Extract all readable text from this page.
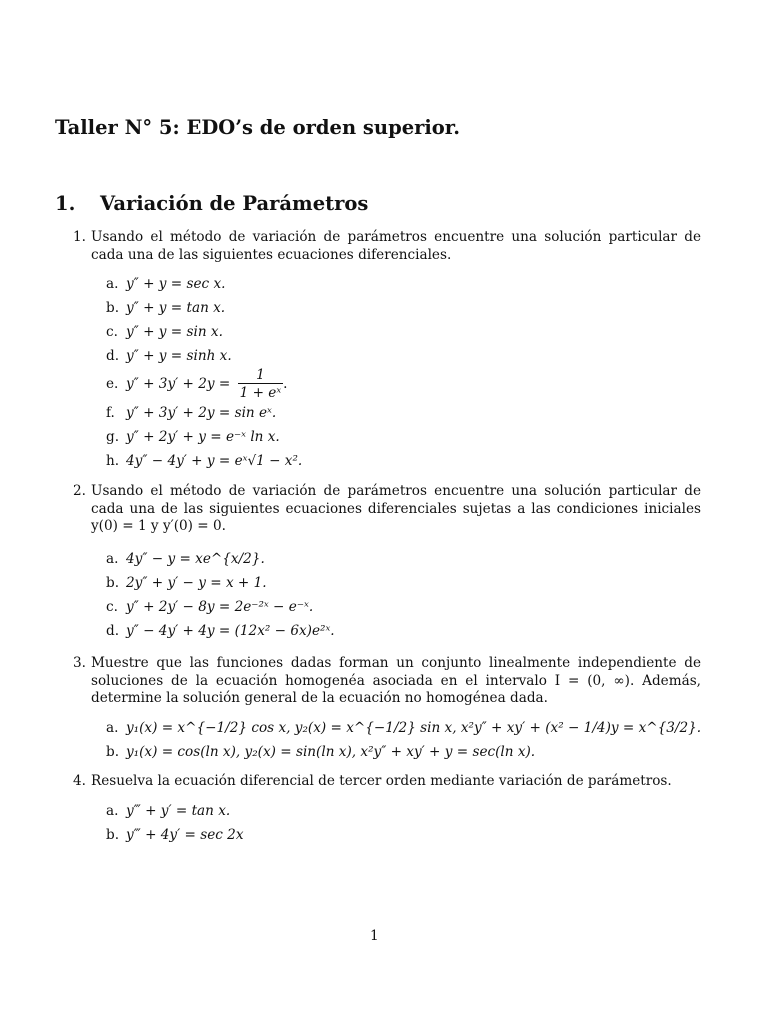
Taller N° 5: EDO’s de orden superior.
1. Variación de Parámetros
1. Usando el método de variación de parámetros encuentre una solución particular de cada una de las siguientes ecuaciones diferenciales.
a. y″ + y = sec x.
b. y″ + y = tan x.
c. y″ + y = sin x.
d. y″ + y = sinh x.
e. $y'' + 3y' + 2y = \frac{1}{\text{1 + eˣ}}$ .
f. y″ + 3y′ + 2y = sin eˣ.
g. y″ + 2y′ + y = e⁻ˣ ln x.
h. 4y″ − 4y′ + y = eˣ√1 − x².
2. Usando el método de variación de parámetros encuentre una solución particular de cada una de las siguientes ecuaciones diferenciales sujetas a las condiciones iniciales y(0) = 1 y y′(0) = 0.
a. 4y″ − y = xe^{x/2}.
b. 2y″ + y′ − y = x + 1.
c. y″ + 2y′ − 8y = 2e⁻²ˣ − e⁻ˣ.
d. y″ − 4y′ + 4y = (12x² − 6x)e²ˣ.
3. Muestre que las funciones dadas forman un conjunto linealmente independiente de soluciones de la ecuación homogenéa asociada en el intervalo I = (0, ∞). Además, determine la solución general de la ecuación no homogénea dada.
a. y₁(x) = x^{−1/2} cos x, y₂(x) = x^{−1/2} sin x, x²y″ + xy′ + (x² − 1/4)y = x^{3/2}.
b. y₁(x) = cos(ln x), y₂(x) = sin(ln x), x²y″ + xy′ + y = sec(ln x).
4. Resuelva la ecuación diferencial de tercer orden mediante variación de parámetros.
a. y‴ + y′ = tan x.
b. y‴ + 4y′ = sec 2x
1
